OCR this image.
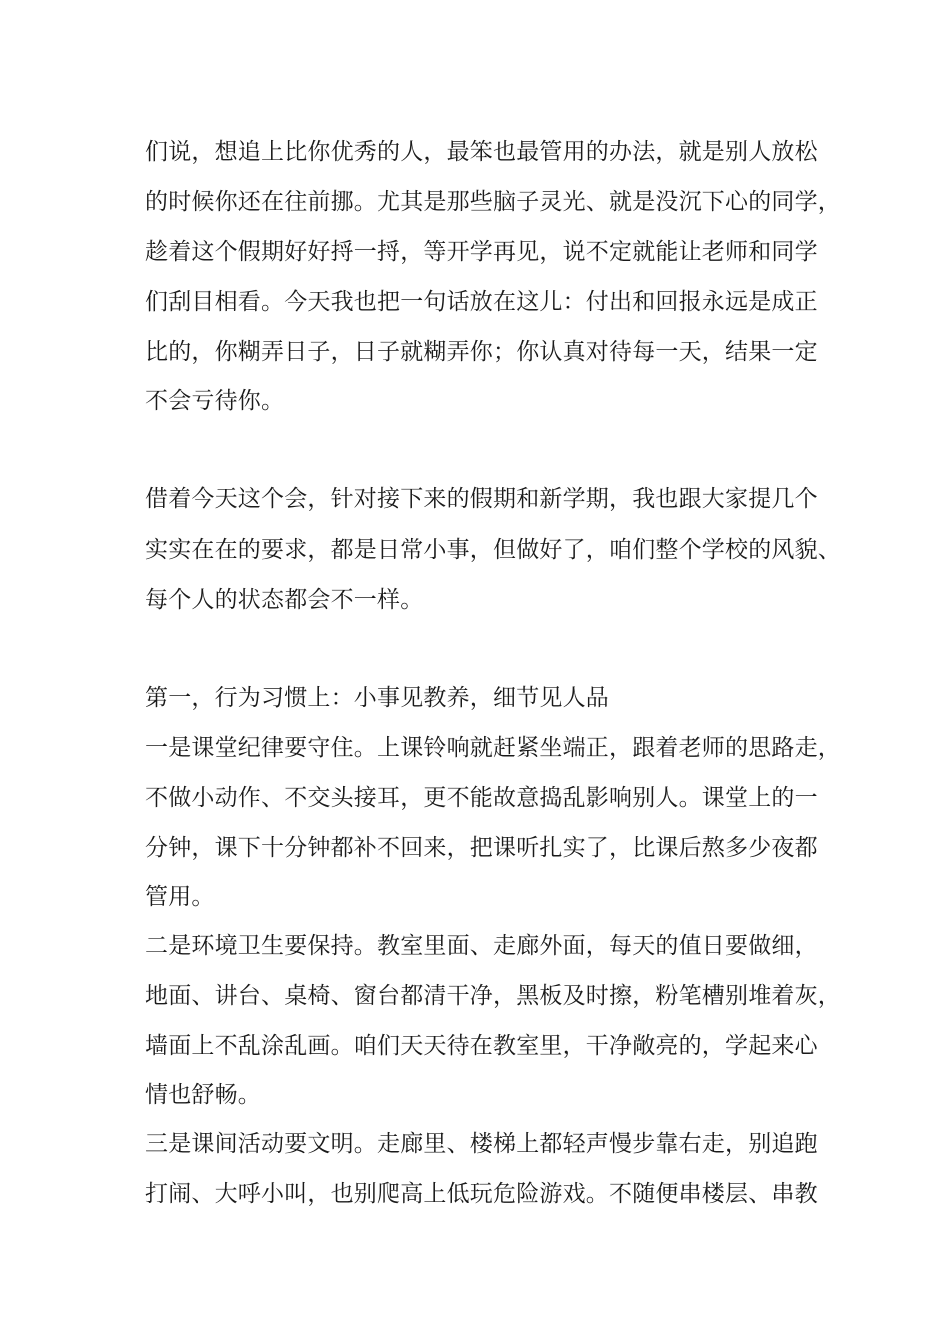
们说，想追上比你优秀的人，最笨也最管用的办法，就是别人放松
的时候你还在往前挪。尤其是那些脑子灵光、就是没沉下心的同学，
趁着这个假期好好捋一捋，等开学再见，说不定就能让老师和同学
们刮目相看。今天我也把一句话放在这儿：付出和回报永远是成正
比的，你糊弄日子，日子就糊弄你；你认真对待每一天，结果一定
不会亏待你。
借着今天这个会，针对接下来的假期和新学期，我也跟大家提几个
实实在在的要求，都是日常小事，但做好了，咱们整个学校的风貌、
每个人的状态都会不一样。
第一，行为习惯上：小事见教养，细节见人品
一是课堂纪律要守住。上课铃响就赶紧坐端正，跟着老师的思路走，
不做小动作、不交头接耳，更不能故意捣乱影响别人。课堂上的一
分钟，课下十分钟都补不回来，把课听扎实了，比课后熬多少夜都
管用。
二是环境卫生要保持。教室里面、走廊外面，每天的值日要做细，
地面、讲台、桌椅、窗台都清干净，黑板及时擦，粉笔槽别堆着灰，
墙面上不乱涂乱画。咱们天天待在教室里，干净敞亮的，学起来心
情也舒畅。
三是课间活动要文明。走廊里、楼梯上都轻声慢步靠右走，别追跑
打闹、大呼小叫，也别爬高上低玩危险游戏。不随便串楼层、串教
